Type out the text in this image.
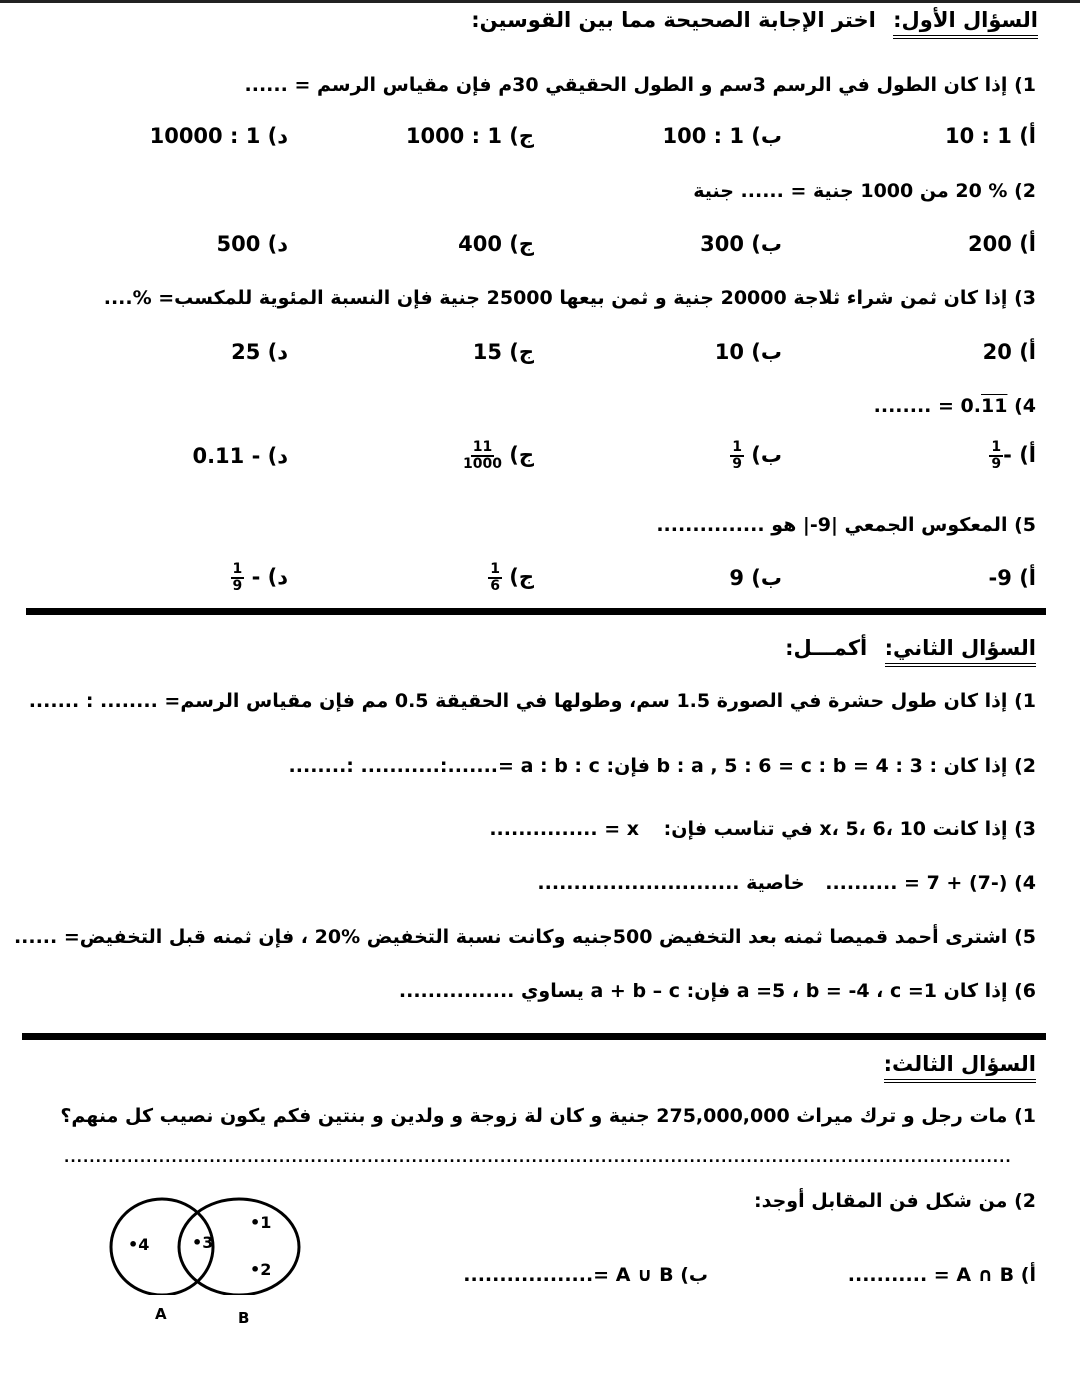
السؤال الأول: اختر الإجابة الصحيحة مما بين القوسين:
1) إذا كان الطول في الرسم 3سم و الطول الحقيقي 30م فإن مقياس الرسم = ......
أ) 1 : 10
ب) 1 : 100
ج) 1 : 1000
د) 1 : 10000
2) % 20 من 1000 جنية = ...... جنية
أ) 200
ب) 300
ج) 400
د) 500
3) إذا كان ثمن شراء ثلاجة 20000 جنية و ثمن بيعها 25000 جنية فإن النسبة المئوية للمكسب= %....
أ) 20
ب) 10
ج) 15
د) 25
4) 0.11 = ........
أ) -
$\frac{1}{9}$
ب)
$\frac{1}{9}$
ج)
$\frac{11}{1000}$
د) - 0.11
5) المعكوس الجمعي |9-| هو ...............
أ) 9-
ب) 9
ج)
$\frac{1}{6}$
د) -
$\frac{1}{9}$
السؤال الثاني: أكمـــل:
1) إذا كان طول حشرة في الصورة 1.5 سم، وطولها في الحقيقة 0.5 مم فإن مقياس الرسم= ........ : .......
2) إذا كان : 3 : 4 = b : a , 5 : 6 = c : b فإن: a : b : c =.......:........... :........
3) إذا كانت x، 5، 6، 10 في تناسب فإن: x = ...............
4) (-7) + 7 = .......... خاصية ............................
5) اشترى أحمد قميصا ثمنه بعد التخفيض 500جنيه وكانت نسبة التخفيض %20 ، فإن ثمنه قبل التخفيض= ......
6) إذا كان a =5 ، b = -4 ، c =1 فإن: a + b – c يساوي ................
السؤال الثالث:
1) مات رجل و ترك ميراث 275,000,000 جنية و كان لة زوجة و ولدين و بنتين فكم يكون نصيب كل منهم؟
......................................................................................................................................................
2) من شكل فن المقابل أوجد:
أ) A ∩ B = ...........
ب) A ∪ B =..................
•4	•3
•1
•2
A	B
